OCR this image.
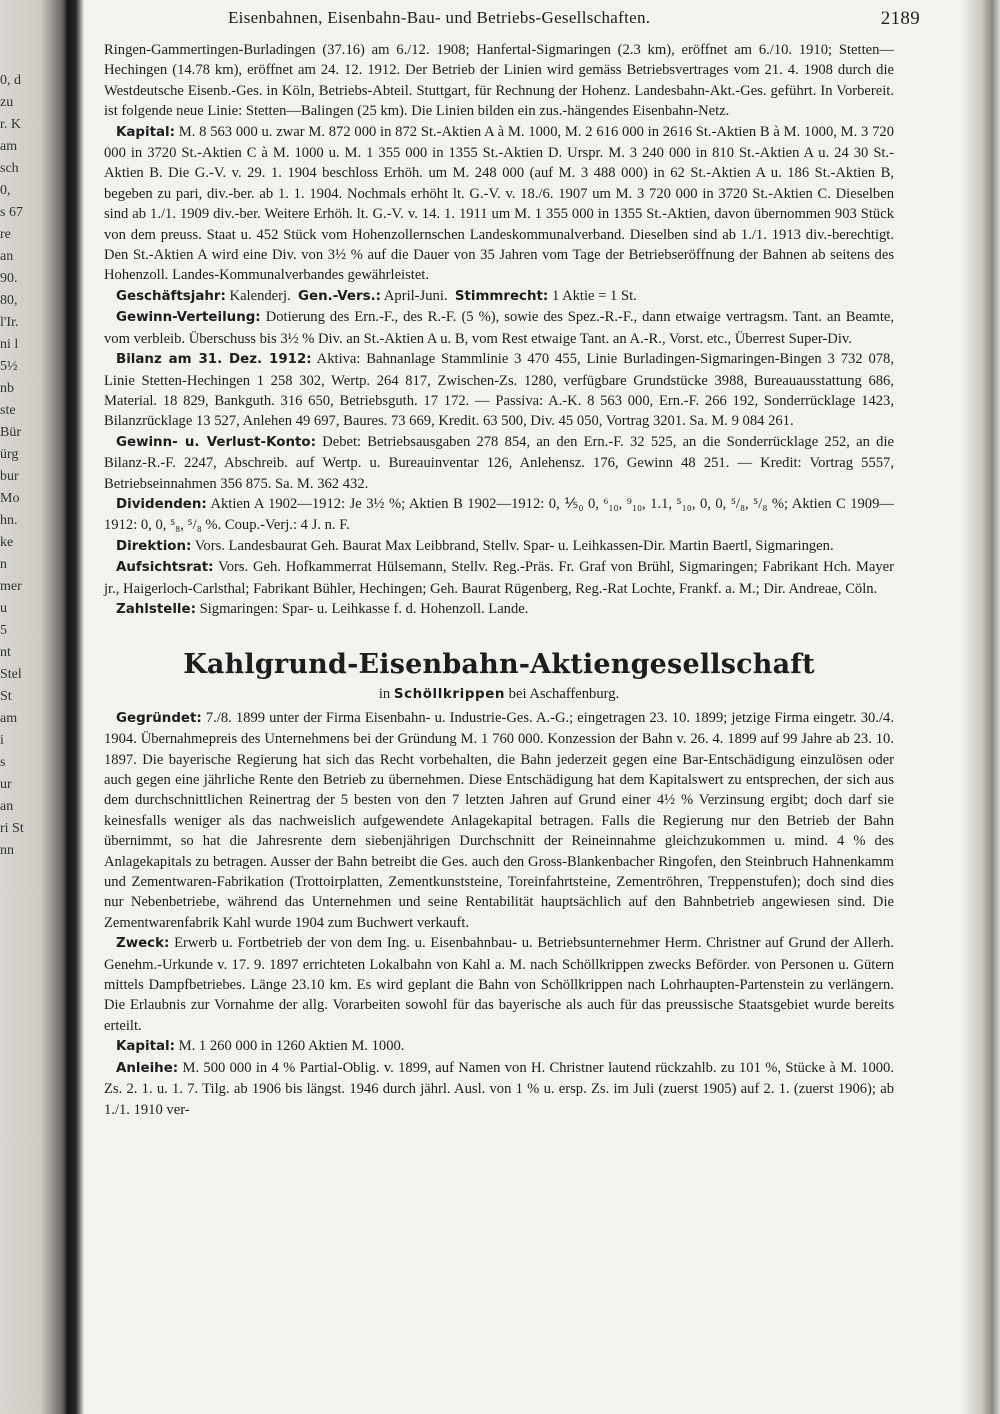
0, d
zu
r. K
am
sch
0,
s 67
re
an
90.
80,
l'Ir.
ni l
5½
nb
ste
Bür
ürg
bur
Mo
hn.
ke
n
mer
u
5
nt
Stel
St
am
i
s
ur
an
ri St
nn
Eisenbahnen, Eisenbahn-Bau- und Betriebs-Gesellschaften.	2189

Ringen-Gammertingen-Burladingen (37.16) am 6./12. 1908; Hanfertal-Sigmaringen (2.3 km), eröffnet am 6./10. 1910; Stetten—Hechingen (14.78 km), eröffnet am 24. 12. 1912. Der Betrieb der Linien wird gemäss Betriebsvertrages vom 21. 4. 1908 durch die Westdeutsche Eisenb.-Ges. in Köln, Betriebs-Abteil. Stuttgart, für Rechnung der Hohenz. Landesbahn-Akt.-Ges. geführt. In Vorbereit. ist folgende neue Linie: Stetten—Balingen (25 km). Die Linien bilden ein zus.-hängendes Eisenbahn-Netz.

Kapital: M. 8 563 000 u. zwar M. 872 000 in 872 St.-Aktien A à M. 1000, M. 2 616 000 in 2616 St.-Aktien B à M. 1000, M. 3 720 000 in 3720 St.-Aktien C à M. 1000 u. M. 1 355 000 in 1355 St.-Aktien D. Urspr. M. 3 240 000 in 810 St.-Aktien A u. 24 30 St.-Aktien B. Die G.-V. v. 29. 1. 1904 beschloss Erhöh. um M. 248 000 (auf M. 3 488 000) in 62 St.-Aktien A u. 186 St.-Aktien B, begeben zu pari, div.-ber. ab 1. 1. 1904. Nochmals erhöht lt. G.-V. v. 18./6. 1907 um M. 3 720 000 in 3720 St.-Aktien C. Dieselben sind ab 1./1. 1909 div.-ber. Weitere Erhöh. lt. G.-V. v. 14. 1. 1911 um M. 1 355 000 in 1355 St.-Aktien, davon übernommen 903 Stück von dem preuss. Staat u. 452 Stück vom Hohenzollernschen Landeskommunalverband. Dieselben sind ab 1./1. 1913 div.-berechtigt. Den St.-Aktien A wird eine Div. von 3½ % auf die Dauer von 35 Jahren vom Tage der Betriebseröffnung der Bahnen ab seitens des Hohenzoll. Landes-Kommunalverbandes gewährleistet.

Geschäftsjahr: Kalenderj. Gen.-Vers.: April-Juni. Stimmrecht: 1 Aktie = 1 St.

Gewinn-Verteilung: Dotierung des Ern.-F., des R.-F. (5 %), sowie des Spez.-R.-F., dann etwaige vertragsm. Tant. an Beamte, vom verbleib. Überschuss bis 3½ % Div. an St.-Aktien A u. B, vom Rest etwaige Tant. an A.-R., Vorst. etc., Überrest Super-Div.

Bilanz am 31. Dez. 1912: Aktiva: Bahnanlage Stammlinie 3 470 455, Linie Burladingen-Sigmaringen-Bingen 3 732 078, Linie Stetten-Hechingen 1 258 302, Wertp. 264 817, Zwischen-Zs. 1280, verfügbare Grundstücke 3988, Bureauausstattung 686, Material. 18 829, Bankguth. 316 650, Betriebsguth. 17 172. — Passiva: A.-K. 8 563 000, Ern.-F. 266 192, Sonderrücklage 1423, Bilanzrücklage 13 527, Anlehen 49 697, Baures. 73 669, Kredit. 63 500, Div. 45 050, Vortrag 3201. Sa. M. 9 084 261.

Gewinn- u. Verlust-Konto: Debet: Betriebsausgaben 278 854, an den Ern.-F. 32 525, an die Sonderrücklage 252, an die Bilanz-R.-F. 2247, Abschreib. auf Wertp. u. Bureauinventar 126, Anlehensz. 176, Gewinn 48 251. — Kredit: Vortrag 5557, Betriebseinnahmen 356 875. Sa. M. 362 432.

Dividenden: Aktien A 1902—1912: Je 3½ %; Aktien B 1902—1912: 0, ⅕₀ 0, ⁶₁₀, ⁹₁₀, 1.1, ⁵₁₀, 0, 0, ⁵/₈, ⁵/₈ %; Aktien C 1909—1912: 0, 0, ⁵₈, ⁵/₈ %. Coup.-Verj.: 4 J. n. F.

Direktion: Vors. Landesbaurat Geh. Baurat Max Leibbrand, Stellv. Spar- u. Leihkassen-Dir. Martin Baertl, Sigmaringen.

Aufsichtsrat: Vors. Geh. Hofkammerrat Hülsemann, Stellv. Reg.-Präs. Fr. Graf von Brühl, Sigmaringen; Fabrikant Hch. Mayer jr., Haigerloch-Carlsthal; Fabrikant Bühler, Hechingen; Geh. Baurat Rügenberg, Reg.-Rat Lochte, Frankf. a. M.; Dir. Andreae, Cöln.

Zahlstelle: Sigmaringen: Spar- u. Leihkasse f. d. Hohenzoll. Lande.

Kahlgrund-Eisenbahn-Aktiengesellschaft
in Schöllkrippen bei Aschaffenburg.

Gegründet: 7./8. 1899 unter der Firma Eisenbahn- u. Industrie-Ges. A.-G.; eingetragen 23. 10. 1899; jetzige Firma eingetr. 30./4. 1904. Übernahmepreis des Unternehmens bei der Gründung M. 1 760 000. Konzession der Bahn v. 26. 4. 1899 auf 99 Jahre ab 23. 10. 1897. Die bayerische Regierung hat sich das Recht vorbehalten, die Bahn jederzeit gegen eine Bar-Entschädigung einzulösen oder auch gegen eine jährliche Rente den Betrieb zu übernehmen. Diese Entschädigung hat dem Kapitalswert zu entsprechen, der sich aus dem durchschnittlichen Reinertrag der 5 besten von den 7 letzten Jahren auf Grund einer 4½ % Verzinsung ergibt; doch darf sie keinesfalls weniger als das nachweislich aufgewendete Anlagekapital betragen. Falls die Regierung nur den Betrieb der Bahn übernimmt, so hat die Jahresrente dem siebenjährigen Durchschnitt der Reineinnahme gleichzukommen u. mind. 4 % des Anlagekapitals zu betragen. Ausser der Bahn betreibt die Ges. auch den Gross-Blankenbacher Ringofen, den Steinbruch Hahnenkamm und Zementwaren-Fabrikation (Trottoirplatten, Zementkunststeine, Toreinfahrtsteine, Zementröhren, Treppenstufen); doch sind dies nur Nebenbetriebe, während das Unternehmen und seine Rentabilität hauptsächlich auf den Bahnbetrieb angewiesen sind. Die Zementwarenfabrik Kahl wurde 1904 zum Buchwert verkauft.

Zweck: Erwerb u. Fortbetrieb der von dem Ing. u. Eisenbahnbau- u. Betriebsunternehmer Herm. Christner auf Grund der Allerh. Genehm.-Urkunde v. 17. 9. 1897 errichteten Lokalbahn von Kahl a. M. nach Schöllkrippen zwecks Beförder. von Personen u. Gütern mittels Dampfbetriebes. Länge 23.10 km. Es wird geplant die Bahn von Schöllkrippen nach Lohrhaupten-Partenstein zu verlängern. Die Erlaubnis zur Vornahme der allg. Vorarbeiten sowohl für das bayerische als auch für das preussische Staatsgebiet wurde bereits erteilt.

Kapital: M. 1 260 000 in 1260 Aktien M. 1000.

Anleihe: M. 500 000 in 4 % Partial-Oblig. v. 1899, auf Namen von H. Christner lautend rückzahlb. zu 101 %, Stücke à M. 1000. Zs. 2. 1. u. 1. 7. Tilg. ab 1906 bis längst. 1946 durch jährl. Ausl. von 1 % u. ersp. Zs. im Juli (zuerst 1905) auf 2. 1. (zuerst 1906); ab 1./1. 1910 ver-
